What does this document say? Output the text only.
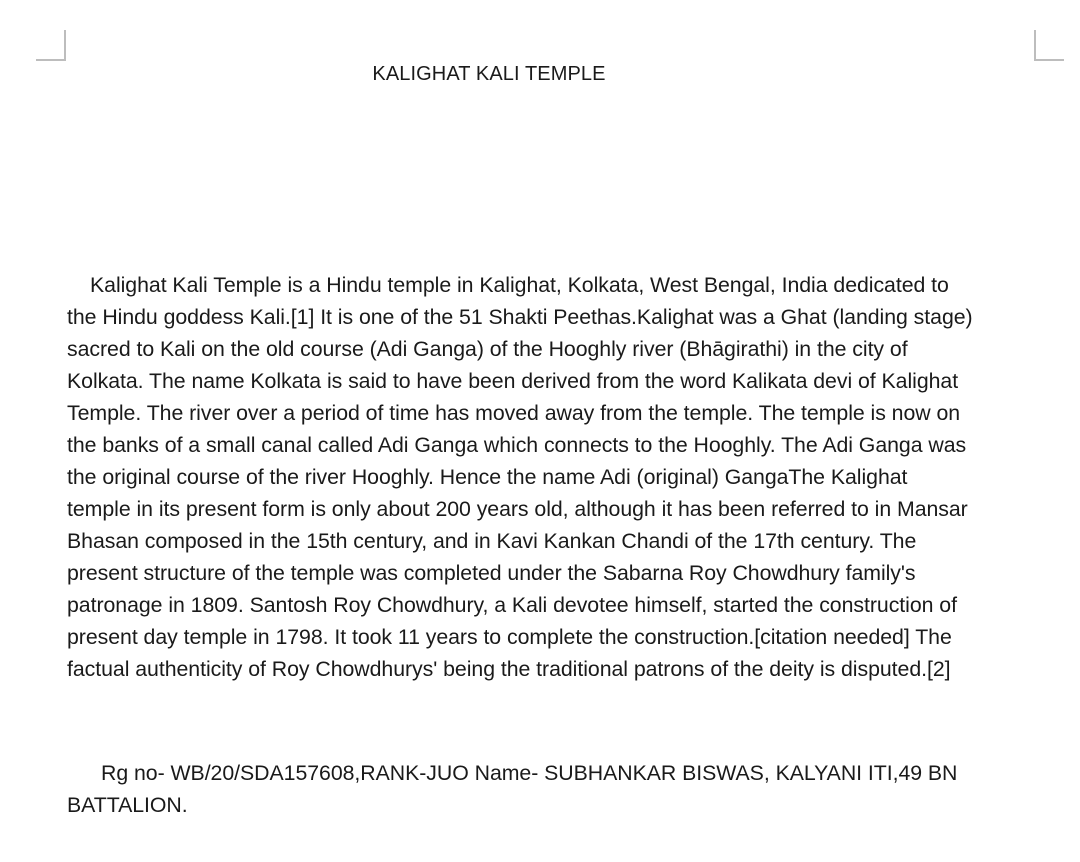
KALIGHAT KALI TEMPLE

Kalighat Kali Temple is a Hindu temple in Kalighat, Kolkata, West Bengal, India dedicated to
the Hindu goddess Kali.[1] It is one of the 51 Shakti Peethas.Kalighat was a Ghat (landing stage)
sacred to Kali on the old course (Adi Ganga) of the Hooghly river (Bhāgirathi) in the city of
Kolkata. The name Kolkata is said to have been derived from the word Kalikata devi of Kalighat
Temple. The river over a period of time has moved away from the temple. The temple is now on
the banks of a small canal called Adi Ganga which connects to the Hooghly. The Adi Ganga was
the original course of the river Hooghly. Hence the name Adi (original) GangaThe Kalighat
temple in its present form is only about 200 years old, although it has been referred to in Mansar
Bhasan composed in the 15th century, and in Kavi Kankan Chandi of the 17th century. The
present structure of the temple was completed under the Sabarna Roy Chowdhury family's
patronage in 1809. Santosh Roy Chowdhury, a Kali devotee himself, started the construction of
present day temple in 1798. It took 11 years to complete the construction.[citation needed] The
factual authenticity of Roy Chowdhurys' being the traditional patrons of the deity is disputed.[2]

Rg no- WB/20/SDA157608,RANK-JUO Name- SUBHANKAR BISWAS, KALYANI ITI,49 BN
BATTALION.
